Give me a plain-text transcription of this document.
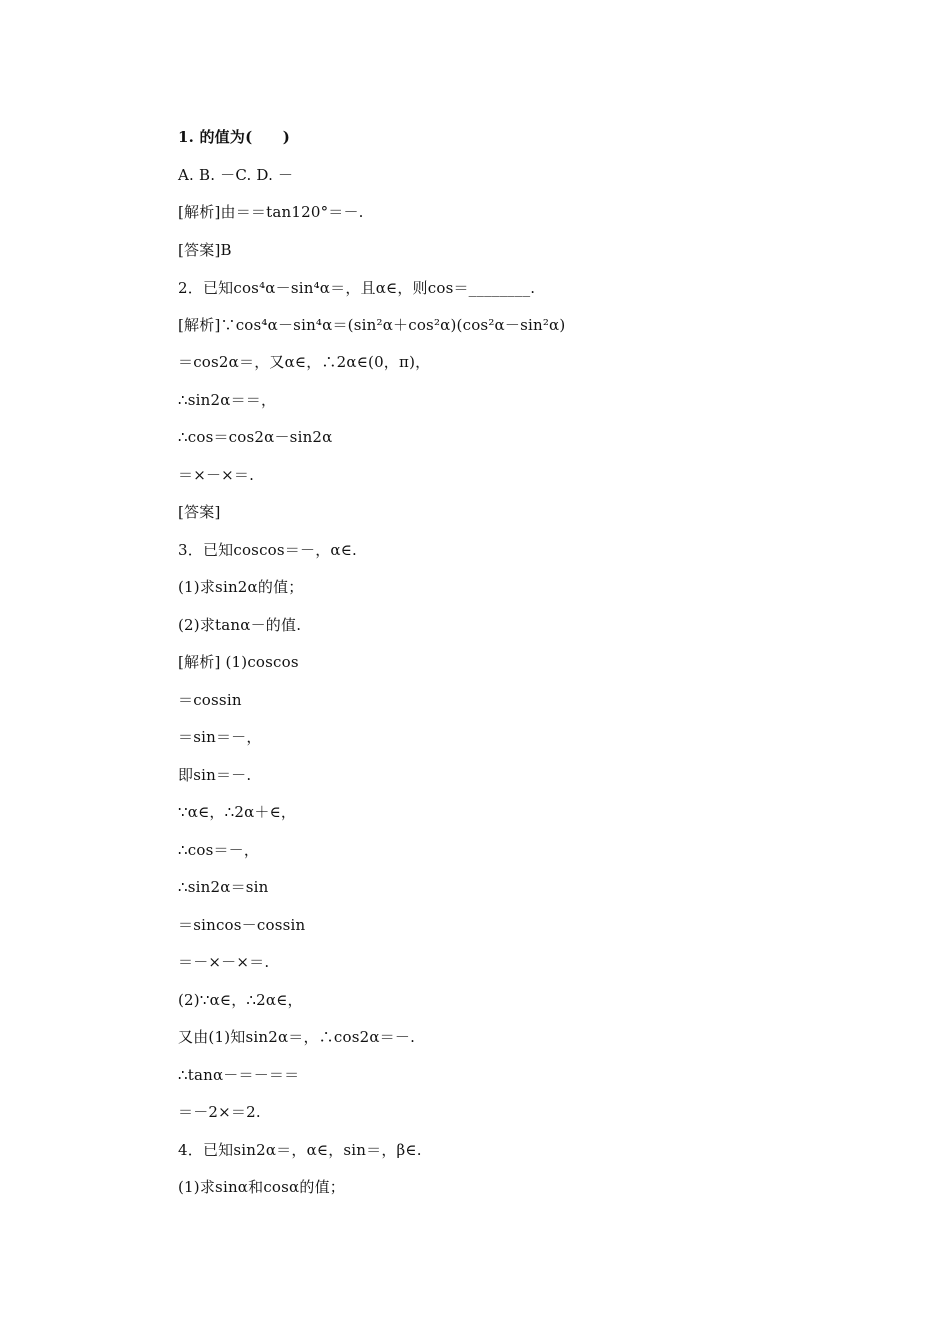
1. 的值为(　　)
A. B. －C. D. －
[解析]由＝＝tan120°＝－.
[答案]B
2．已知cos⁴α－sin⁴α＝，且α∈，则cos＝________.
[解析]∵cos⁴α－sin⁴α＝(sin²α＋cos²α)(cos²α－sin²α)
＝cos2α＝，又α∈，∴2α∈(0，π)，
∴sin2α＝＝，
∴cos＝cos2α－sin2α
＝×－×＝.
[答案]
3．已知coscos＝－，α∈.
(1)求sin2α的值；
(2)求tanα－的值.
[解析] (1)coscos
＝cossin
＝sin＝－，
即sin＝－.
∵α∈，∴2α＋∈，
∴cos＝－，
∴sin2α＝sin
＝sincos－cossin
＝－×－×＝.
(2)∵α∈，∴2α∈，
又由(1)知sin2α＝，∴cos2α＝－.
∴tanα－＝－＝＝
＝－2×＝2.
4．已知sin2α＝，α∈，sin＝，β∈.
(1)求sinα和cosα的值；
